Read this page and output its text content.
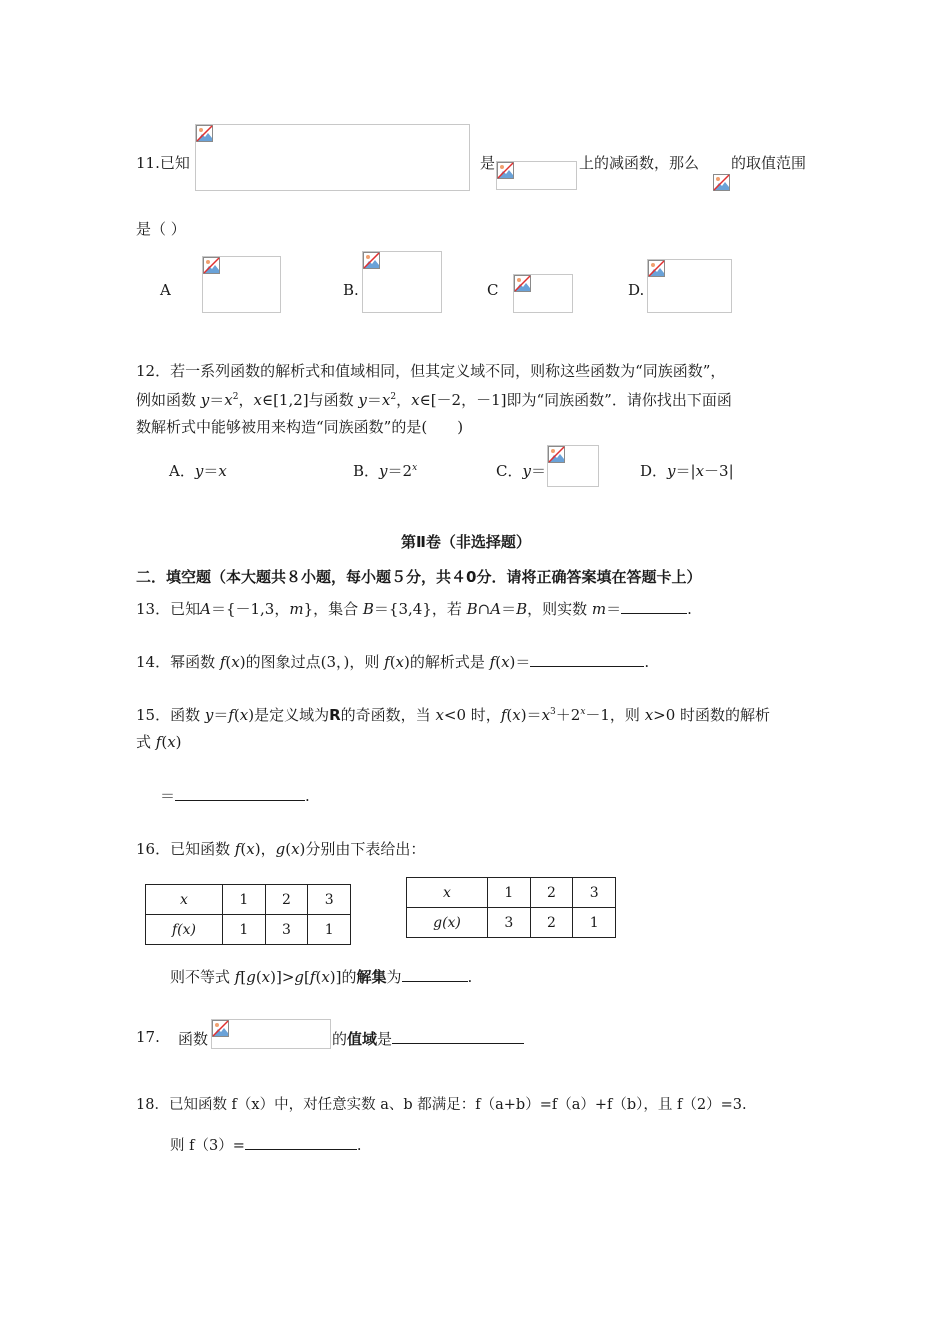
11.已知	是	上的减函数，那么 的取值范围
是（ ）
A	B.	C	D.
12．若一系列函数的解析式和值域相同，但其定义域不同，则称这些函数为“同族函数”，
例如函数 $y=x^2$，x∈[1,2]与函数 $y=x^2$，x∈[－2，－1]即为“同族函数”．请你找出下面函
数解析式中能够被用来构造“同族函数”的是(　　)
A．y＝x	B．$y=2^x$	C．y＝	D．y＝|x－3|
第Ⅱ卷（非选择题）
二．填空题（本大题共８小题，每小题５分，共４0分．请将正确答案填在答题卡上）
13．已知A＝{－1,3，m}，集合 B＝{3,4}，若 B∩A＝B，则实数 m＝	.
14．幂函数 f(x)的图象过点(3，)，则 f(x)的解析式是 f(x)＝	.
15．函数 y＝f(x)是定义域为R的奇函数，当 x<0 时，$f(x)=x^3+2^x-1$，则 x>0 时函数的解析
式 f(x)
＝	.
16．已知函数 f(x)，g(x)分别由下表给出：
x	1	2	3
f(x)	1	3	1
x	1	2	3
g(x)	3	2	1
则不等式 f[g(x)]>g[f(x)]的解集为	.
17. 函数	的值域是
18．已知函数 f（x）中，对任意实数 a、b 都满足：f（a+b）=f（a）+f（b），且 f（2）=3.
则 f（3）=	.
